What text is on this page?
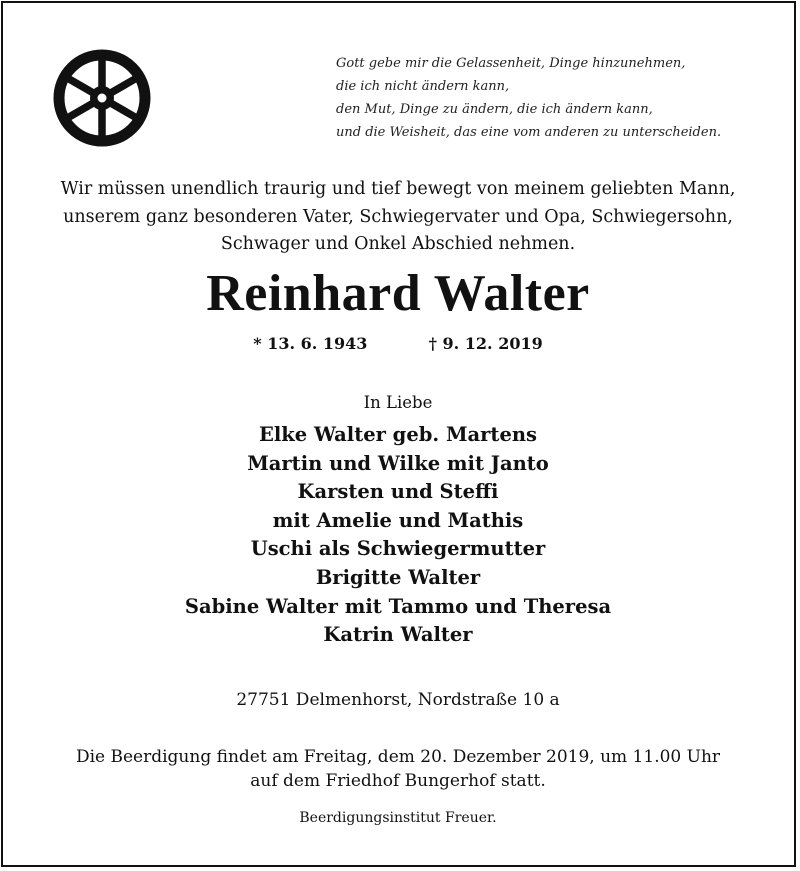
Gott gebe mir die Gelassenheit, Dinge hinzunehmen,
die ich nicht ändern kann,
den Mut, Dinge zu ändern, die ich ändern kann,
und die Weisheit, das eine vom anderen zu unterscheiden.
Wir müssen unendlich traurig und tief bewegt von meinem geliebten Mann,
unserem ganz besonderen Vater, Schwiegervater und Opa, Schwiegersohn,
Schwager und Onkel Abschied nehmen.
Reinhard Walter
* 13. 6. 1943	† 9. 12. 2019
In Liebe
Elke Walter geb. Martens
Martin und Wilke mit Janto
Karsten und Steffi
mit Amelie und Mathis
Uschi als Schwiegermutter
Brigitte Walter
Sabine Walter mit Tammo und Theresa
Katrin Walter
27751 Delmenhorst, Nordstraße 10 a
Die Beerdigung findet am Freitag, dem 20. Dezember 2019, um 11.00 Uhr
auf dem Friedhof Bungerhof statt.
Beerdigungsinstitut Freuer.
